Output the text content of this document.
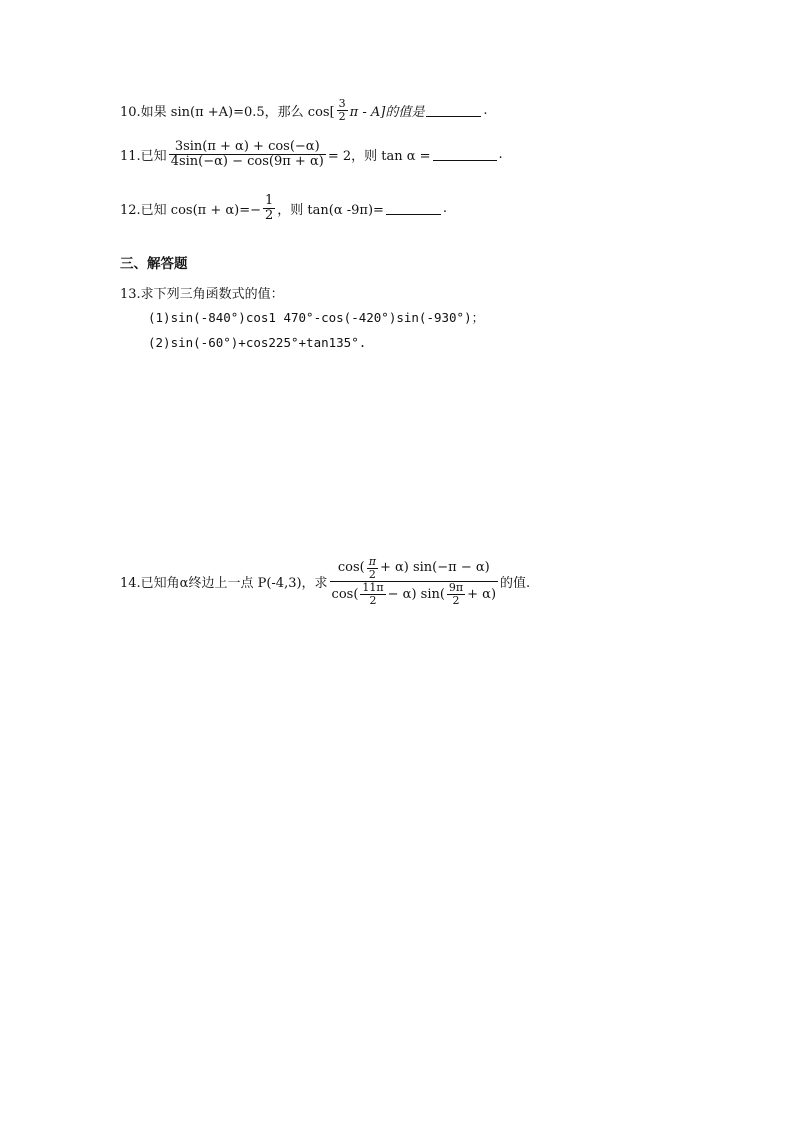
10.如果 sin(π +A)=0.5，那么 $\cos[ \frac{3}{2}$ π - A]的值是	.
11.已知 $\frac{3\sin(\pi + \alpha) + \cos(-\alpha)}{4\sin(-\alpha) - \cos(9\pi + \alpha)} = 2$，则 tan α =	.
12.已知 $\cos(\pi + \alpha)=- \frac{1}{2}$ ，则 tan(α -9π)=	.
三、解答题
13.求下列三角函数式的值：
(1)sin(-840°)cos1 470°-cos(-420°)sin(-930°)；
(2)sin(-60°)+cos225°+tan135°.
14.已知角α终边上一点 P(-4,3)，求
$\cos( \frac{\pi}{2} + \alpha)$ sin(−π − α)
$\cos( \frac{11\pi}{2} - \alpha)$ $\sin( \frac{9\pi}{2} + \alpha)$
的值.
